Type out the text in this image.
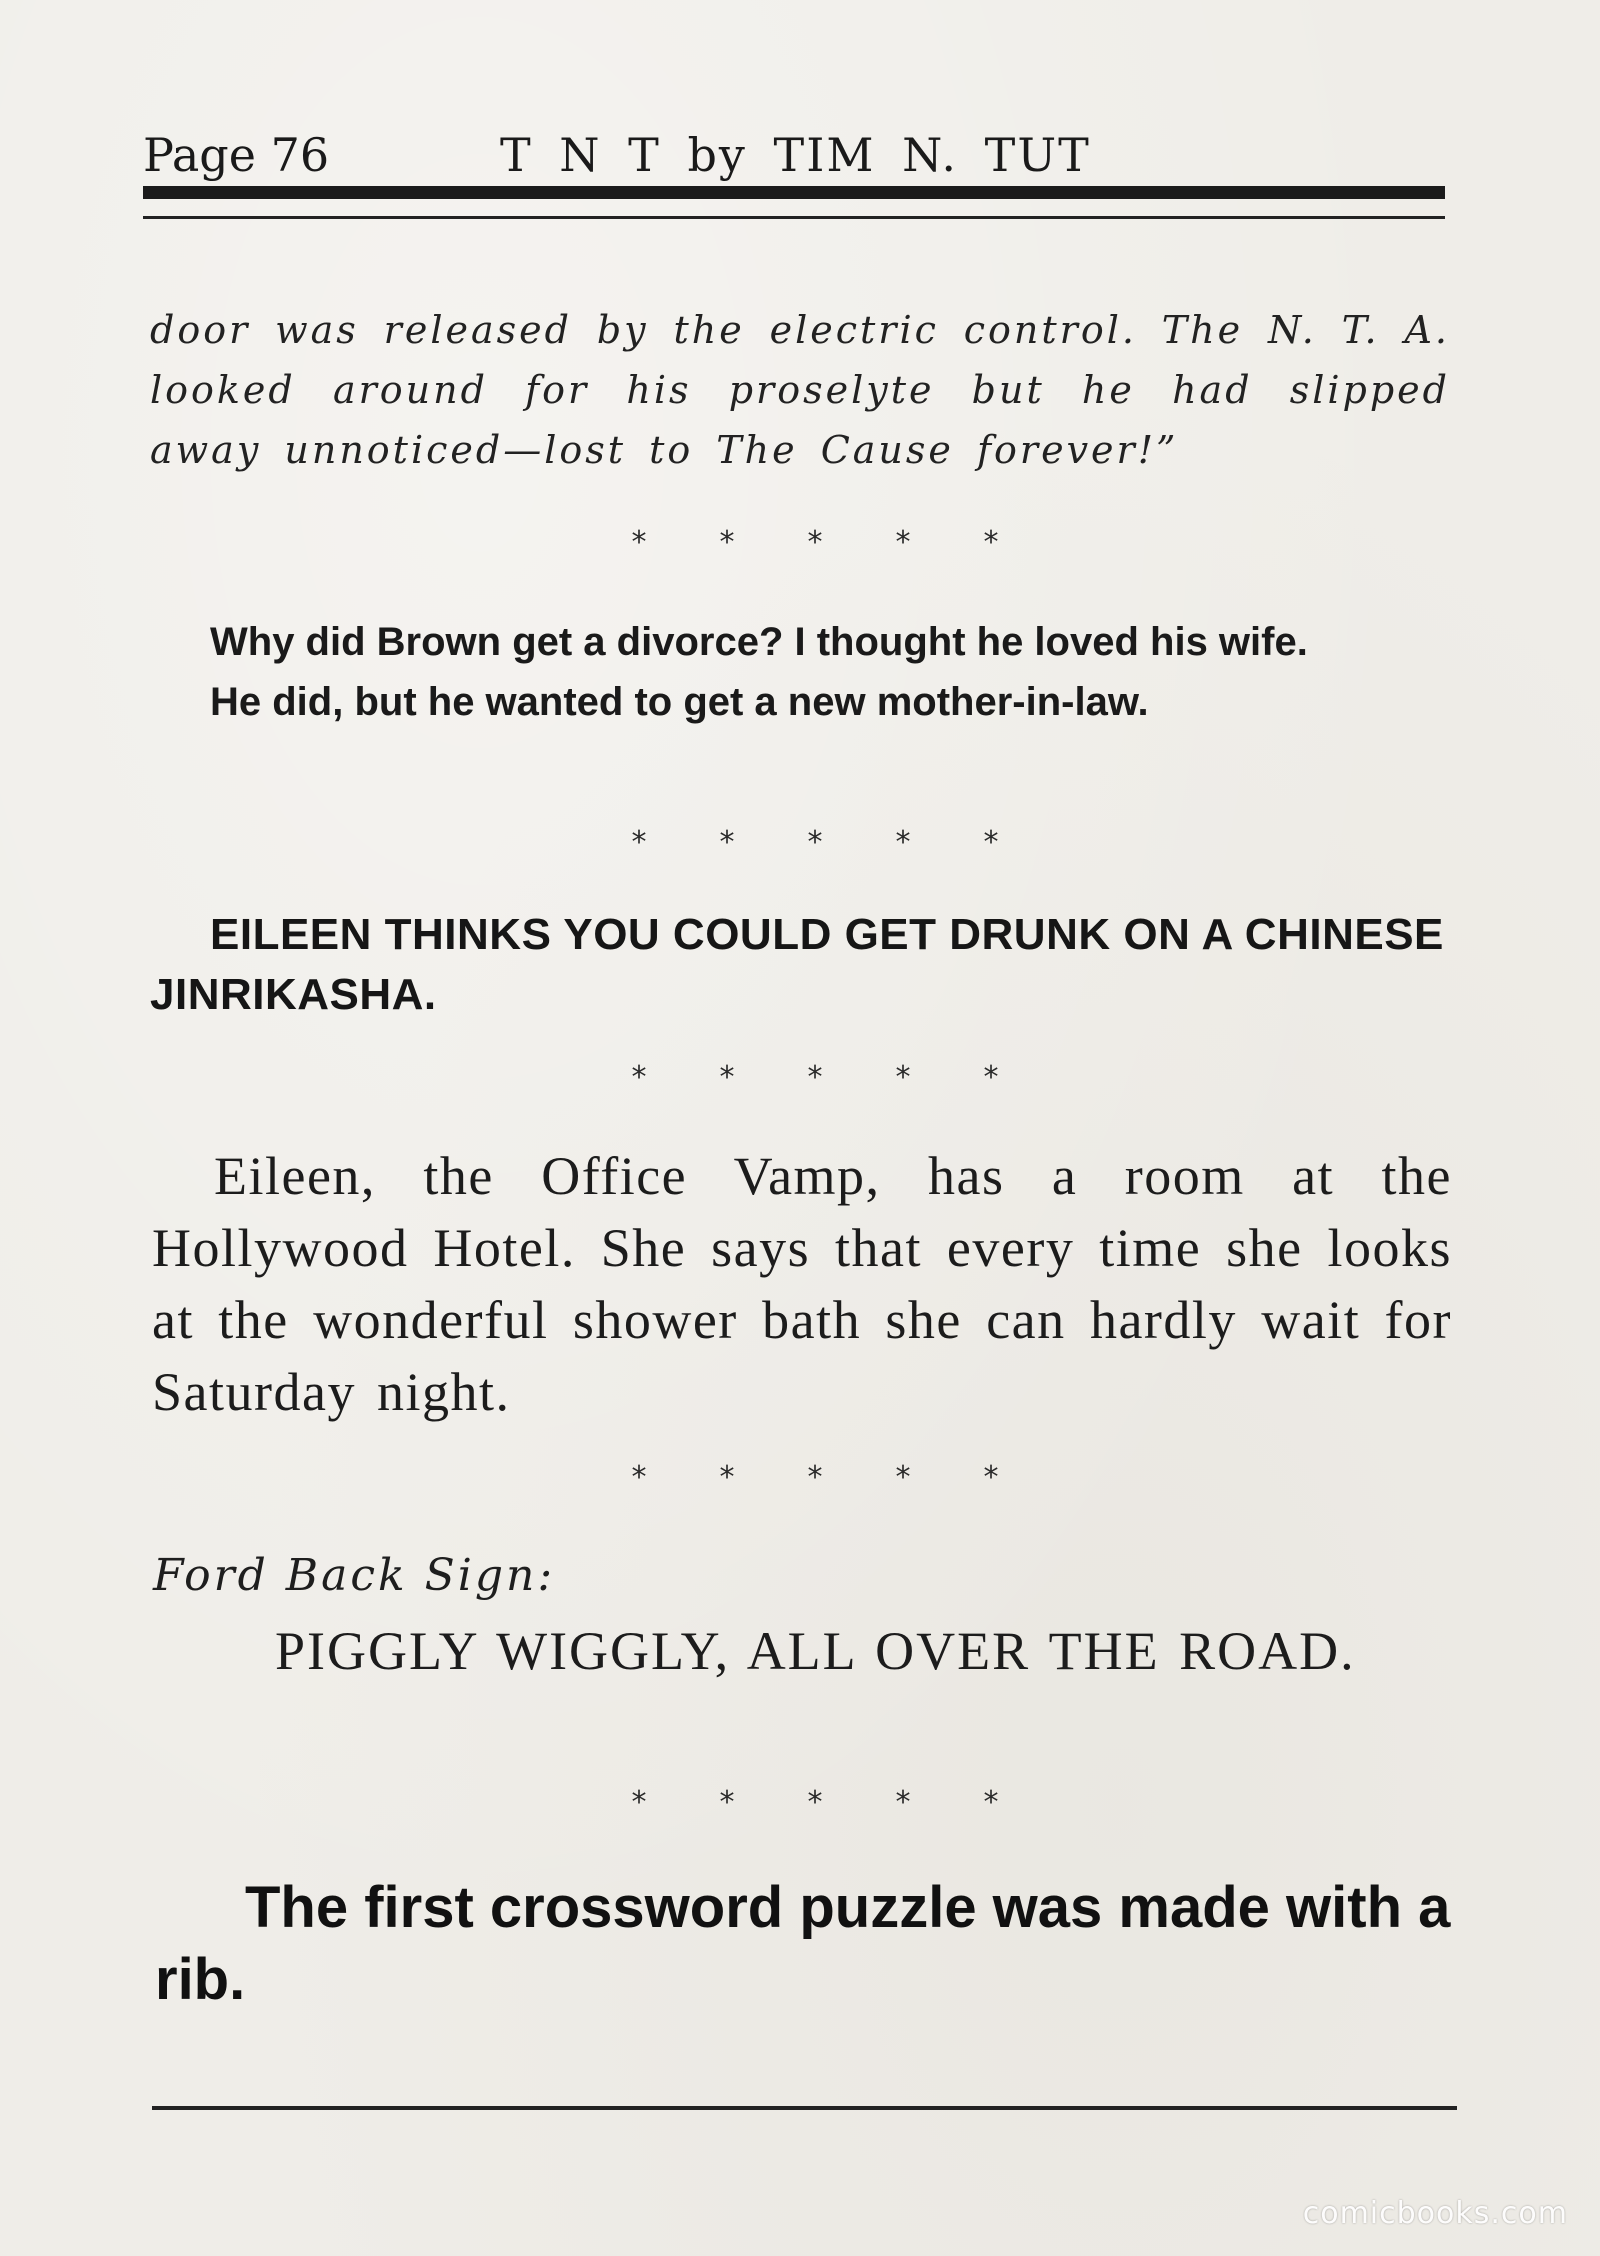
Page 76	T N T by TIM N. TUT
door was released by the electric control. The N. T. A. looked around for his proselyte but he had slipped away unnoticed—lost to The Cause forever!”
* * * * *
Why did Brown get a divorce? I thought he loved his wife.
He did, but he wanted to get a new mother-in-law.
* * * * *
EILEEN THINKS YOU COULD GET DRUNK ON A CHINESE JINRIKASHA.
* * * * *
Eileen, the Office Vamp, has a room at the Hollywood Hotel. She says that every time she looks at the wonderful shower bath she can hardly wait for Saturday night.
* * * * *
Ford Back Sign:
PIGGLY WIGGLY, ALL OVER THE ROAD.
* * * * *
The first crossword puzzle was made with a rib.
comicbooks.com
